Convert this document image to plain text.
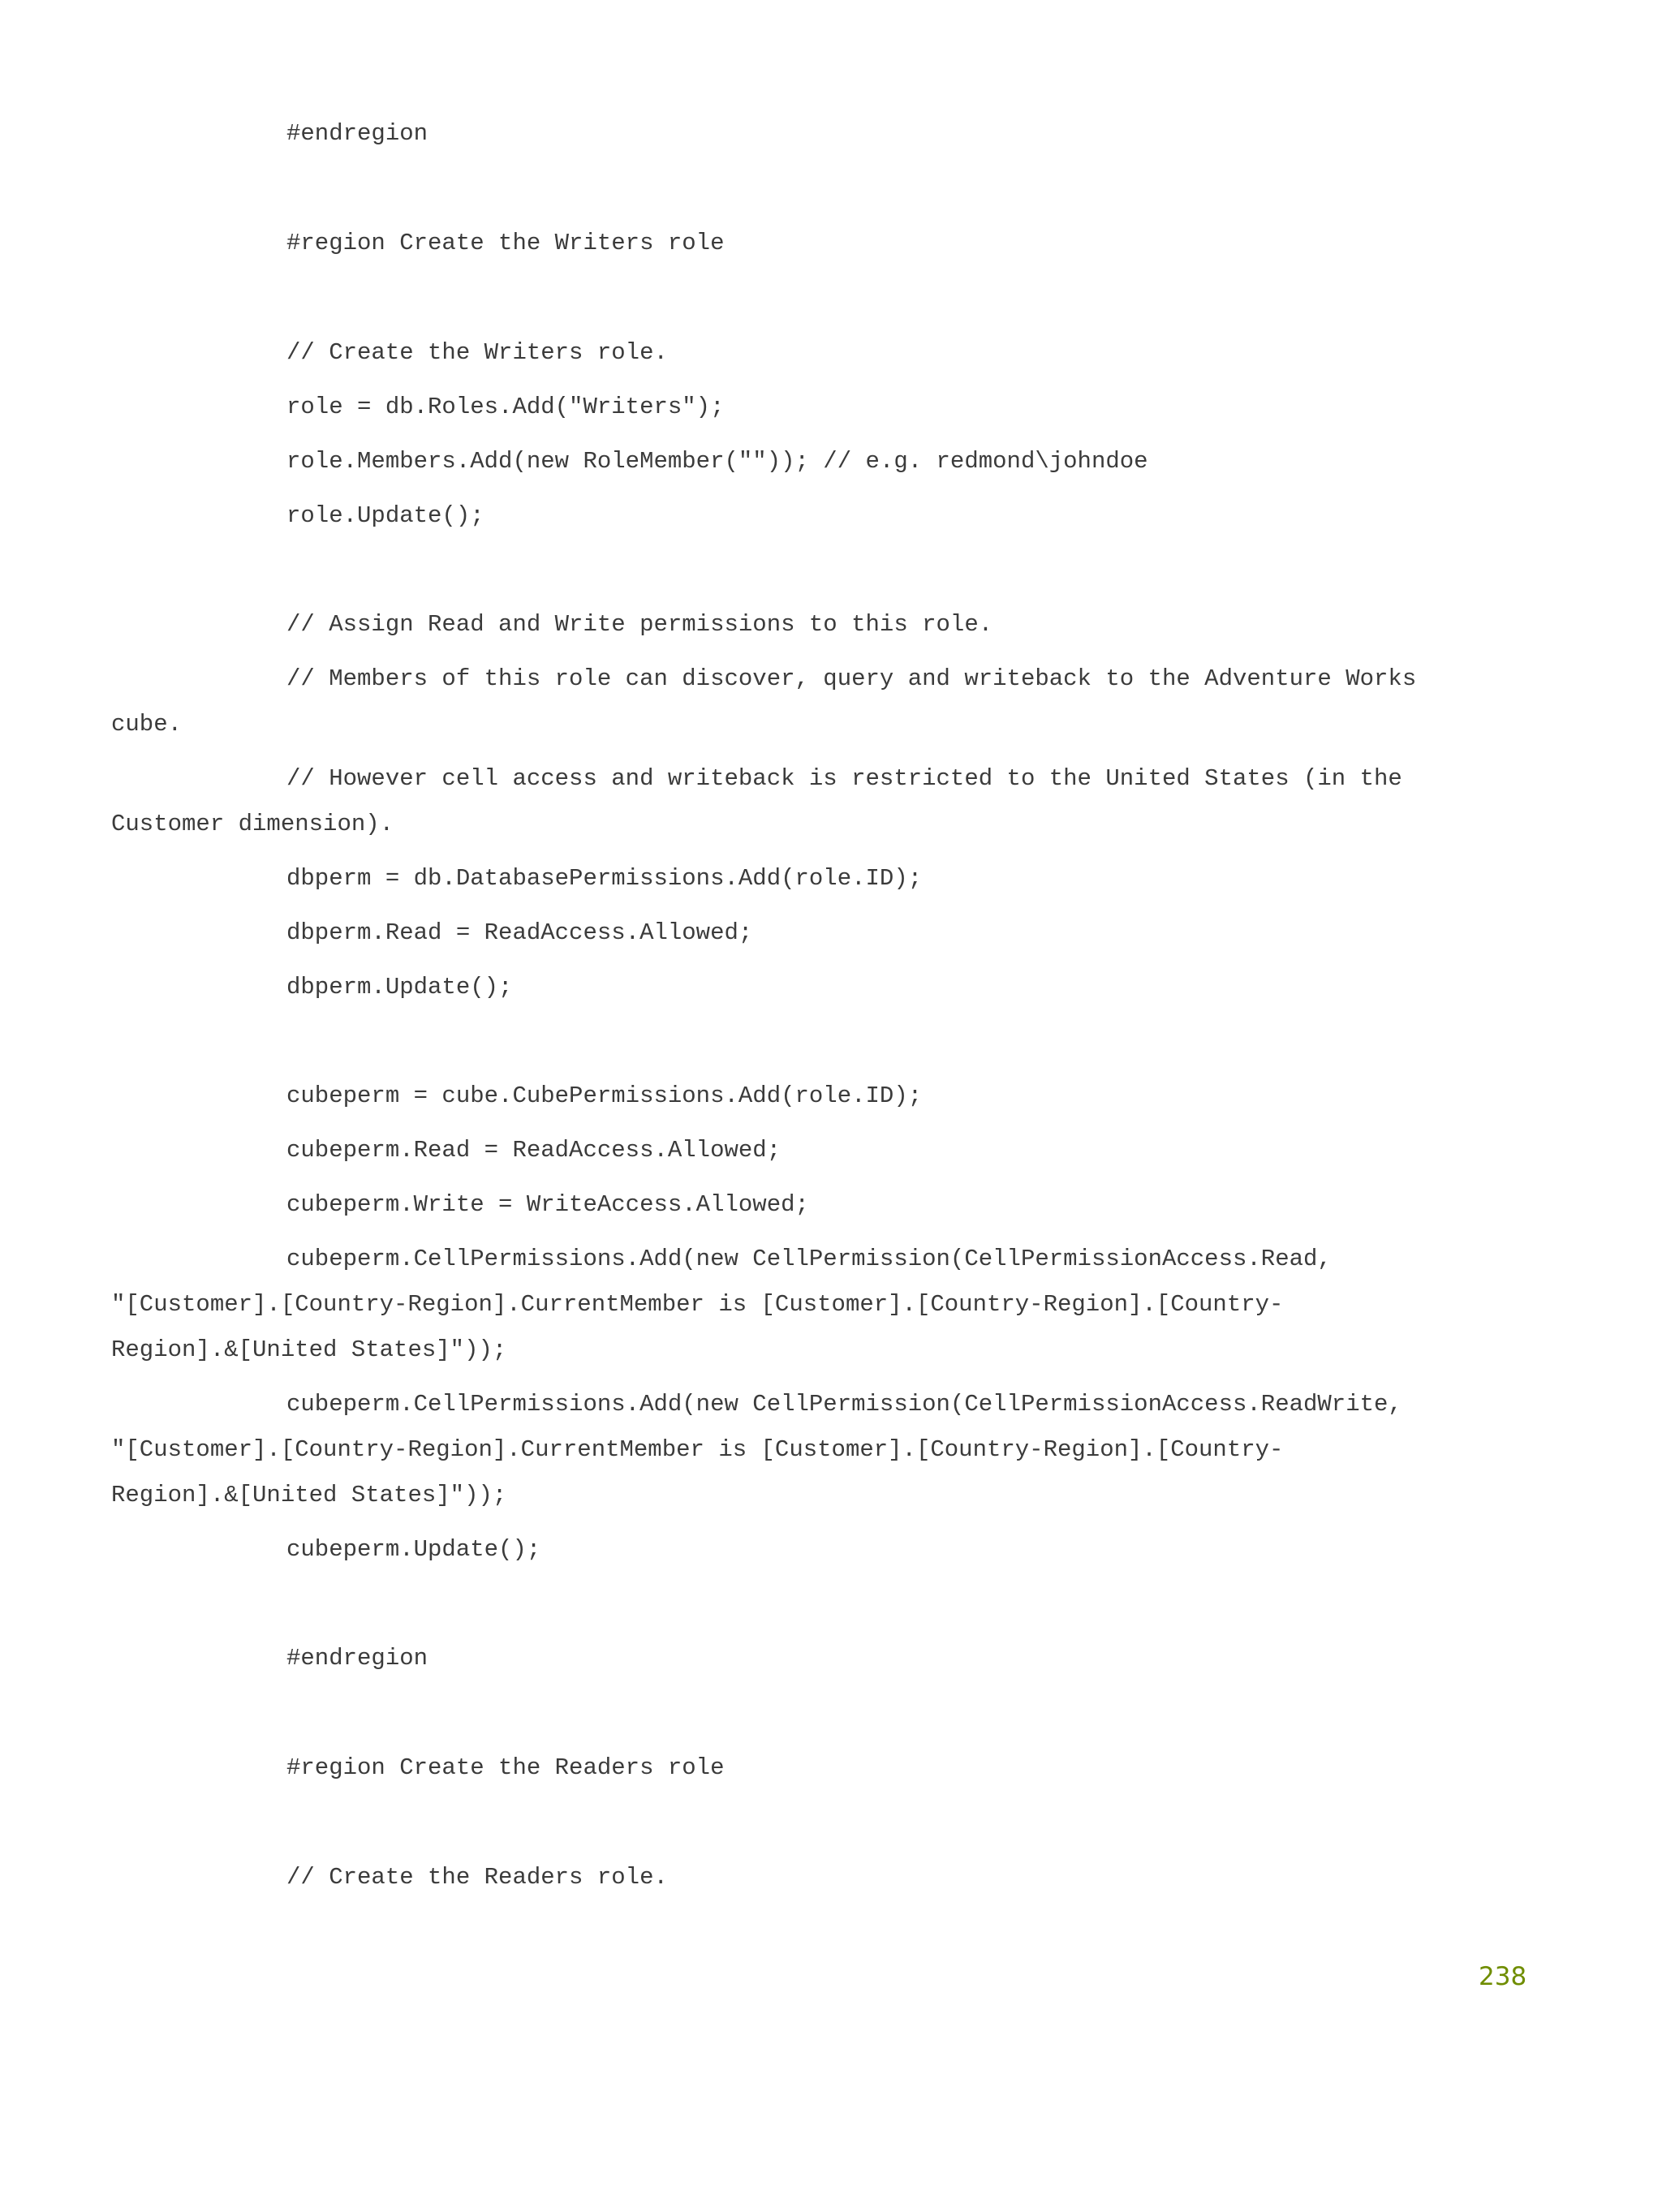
#endregion
#region Create the Writers role
// Create the Writers role.
role = db.Roles.Add("Writers");
role.Members.Add(new RoleMember("")); // e.g. redmond\johndoe
role.Update();
// Assign Read and Write permissions to this role.
// Members of this role can discover, query and writeback to the Adventure Works
cube.
// However cell access and writeback is restricted to the United States (in the
Customer dimension).
dbperm = db.DatabasePermissions.Add(role.ID);
dbperm.Read = ReadAccess.Allowed;
dbperm.Update();
cubeperm = cube.CubePermissions.Add(role.ID);
cubeperm.Read = ReadAccess.Allowed;
cubeperm.Write = WriteAccess.Allowed;
cubeperm.CellPermissions.Add(new CellPermission(CellPermissionAccess.Read,
"[Customer].[Country-Region].CurrentMember is [Customer].[Country-Region].[Country-
Region].&[United States]"));
cubeperm.CellPermissions.Add(new CellPermission(CellPermissionAccess.ReadWrite,
"[Customer].[Country-Region].CurrentMember is [Customer].[Country-Region].[Country-
Region].&[United States]"));
cubeperm.Update();
#endregion
#region Create the Readers role
// Create the Readers role.
238
